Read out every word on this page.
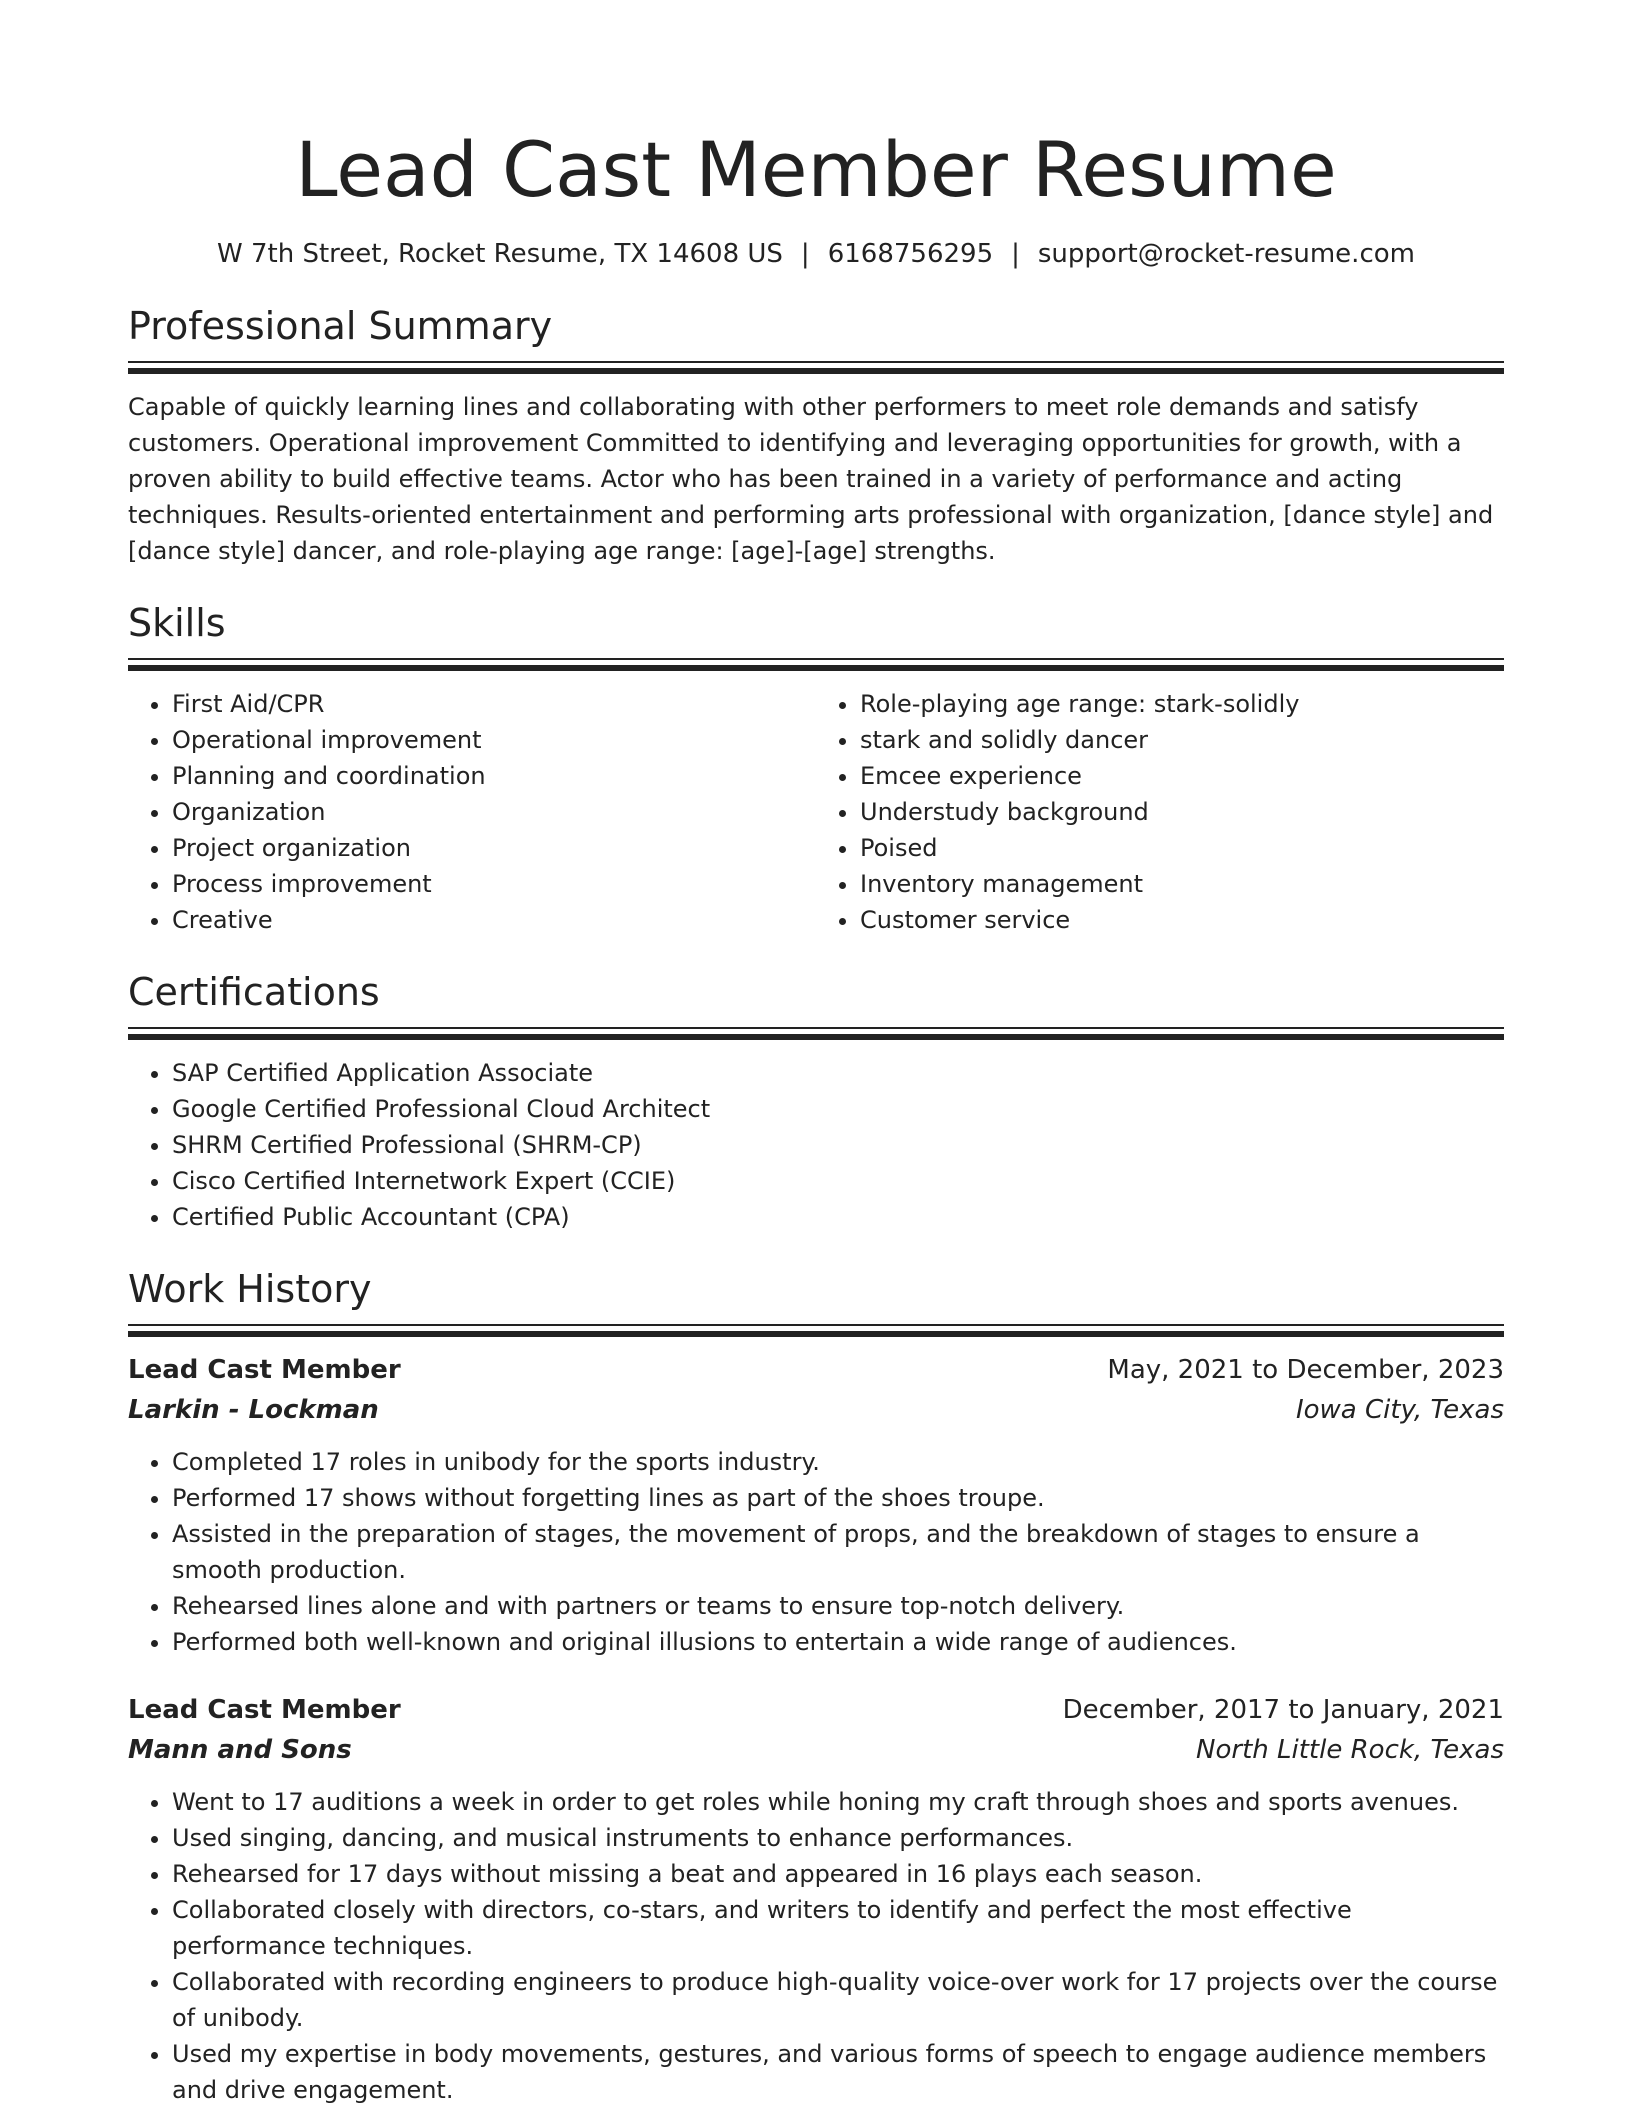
Lead Cast Member Resume
W 7th Street, Rocket Resume, TX 14608 US | 6168756295 | support@rocket-resume.com
Professional Summary

Capable of quickly learning lines and collaborating with other performers to meet role demands and satisfy customers. Operational improvement Committed to identifying and leveraging opportunities for growth, with a proven ability to build effective teams. Actor who has been trained in a variety of performance and acting techniques. Results-oriented entertainment and performing arts professional with organization, [dance style] and [dance style] dancer, and role-playing age range: [age]-[age] strengths.

Skills
• First Aid/CPR
• Operational improvement
• Planning and coordination
• Organization
• Project organization
• Process improvement
• Creative
• Role-playing age range: stark-solidly
• stark and solidly dancer
• Emcee experience
• Understudy background
• Poised
• Inventory management
• Customer service
Certifications
• SAP Certified Application Associate
• Google Certified Professional Cloud Architect
• SHRM Certified Professional (SHRM-CP)
• Cisco Certified Internetwork Expert (CCIE)
• Certified Public Accountant (CPA)
Work History
Lead Cast Member	May, 2021 to December, 2023
Larkin - Lockman	Iowa City, Texas
• Completed 17 roles in unibody for the sports industry.
• Performed 17 shows without forgetting lines as part of the shoes troupe.
• Assisted in the preparation of stages, the movement of props, and the breakdown of stages to ensure a smooth production.
• Rehearsed lines alone and with partners or teams to ensure top-notch delivery.
• Performed both well-known and original illusions to entertain a wide range of audiences.
Lead Cast Member	December, 2017 to January, 2021
Mann and Sons	North Little Rock, Texas
• Went to 17 auditions a week in order to get roles while honing my craft through shoes and sports avenues.
• Used singing, dancing, and musical instruments to enhance performances.
• Rehearsed for 17 days without missing a beat and appeared in 16 plays each season.
• Collaborated closely with directors, co-stars, and writers to identify and perfect the most effective performance techniques.
• Collaborated with recording engineers to produce high-quality voice-over work for 17 projects over the course of unibody.
• Used my expertise in body movements, gestures, and various forms of speech to engage audience members and drive engagement.
